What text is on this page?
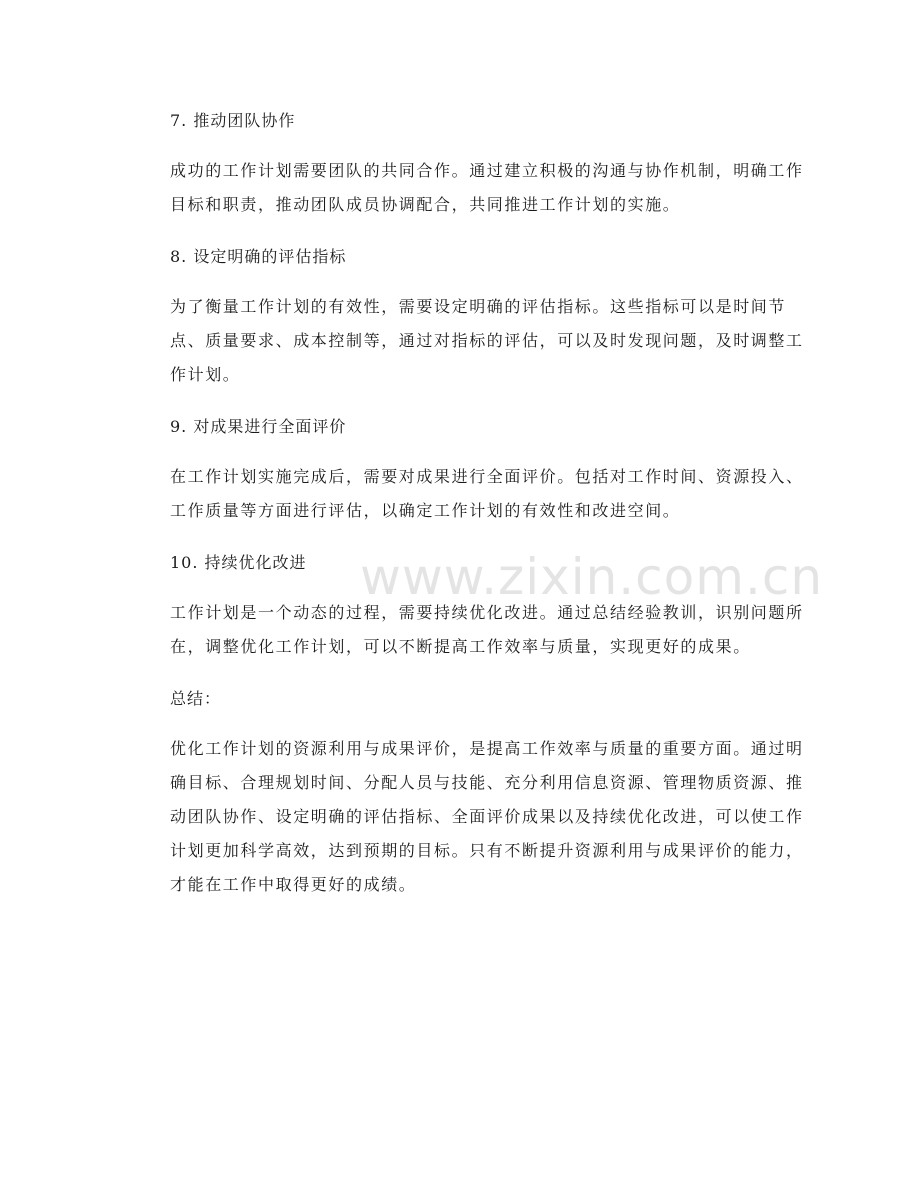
7. 推动团队协作

成功的工作计划需要团队的共同合作。通过建立积极的沟通与协作机制，明确工作目标和职责，推动团队成员协调配合，共同推进工作计划的实施。

8. 设定明确的评估指标

为了衡量工作计划的有效性，需要设定明确的评估指标。这些指标可以是时间节点、质量要求、成本控制等，通过对指标的评估，可以及时发现问题，及时调整工作计划。

9. 对成果进行全面评价

在工作计划实施完成后，需要对成果进行全面评价。包括对工作时间、资源投入、工作质量等方面进行评估，以确定工作计划的有效性和改进空间。

10. 持续优化改进

工作计划是一个动态的过程，需要持续优化改进。通过总结经验教训，识别问题所在，调整优化工作计划，可以不断提高工作效率与质量，实现更好的成果。

总结：

优化工作计划的资源利用与成果评价，是提高工作效率与质量的重要方面。通过明确目标、合理规划时间、分配人员与技能、充分利用信息资源、管理物质资源、推动团队协作、设定明确的评估指标、全面评价成果以及持续优化改进，可以使工作计划更加科学高效，达到预期的目标。只有不断提升资源利用与成果评价的能力，才能在工作中取得更好的成绩。

www.zixin.com.cn
